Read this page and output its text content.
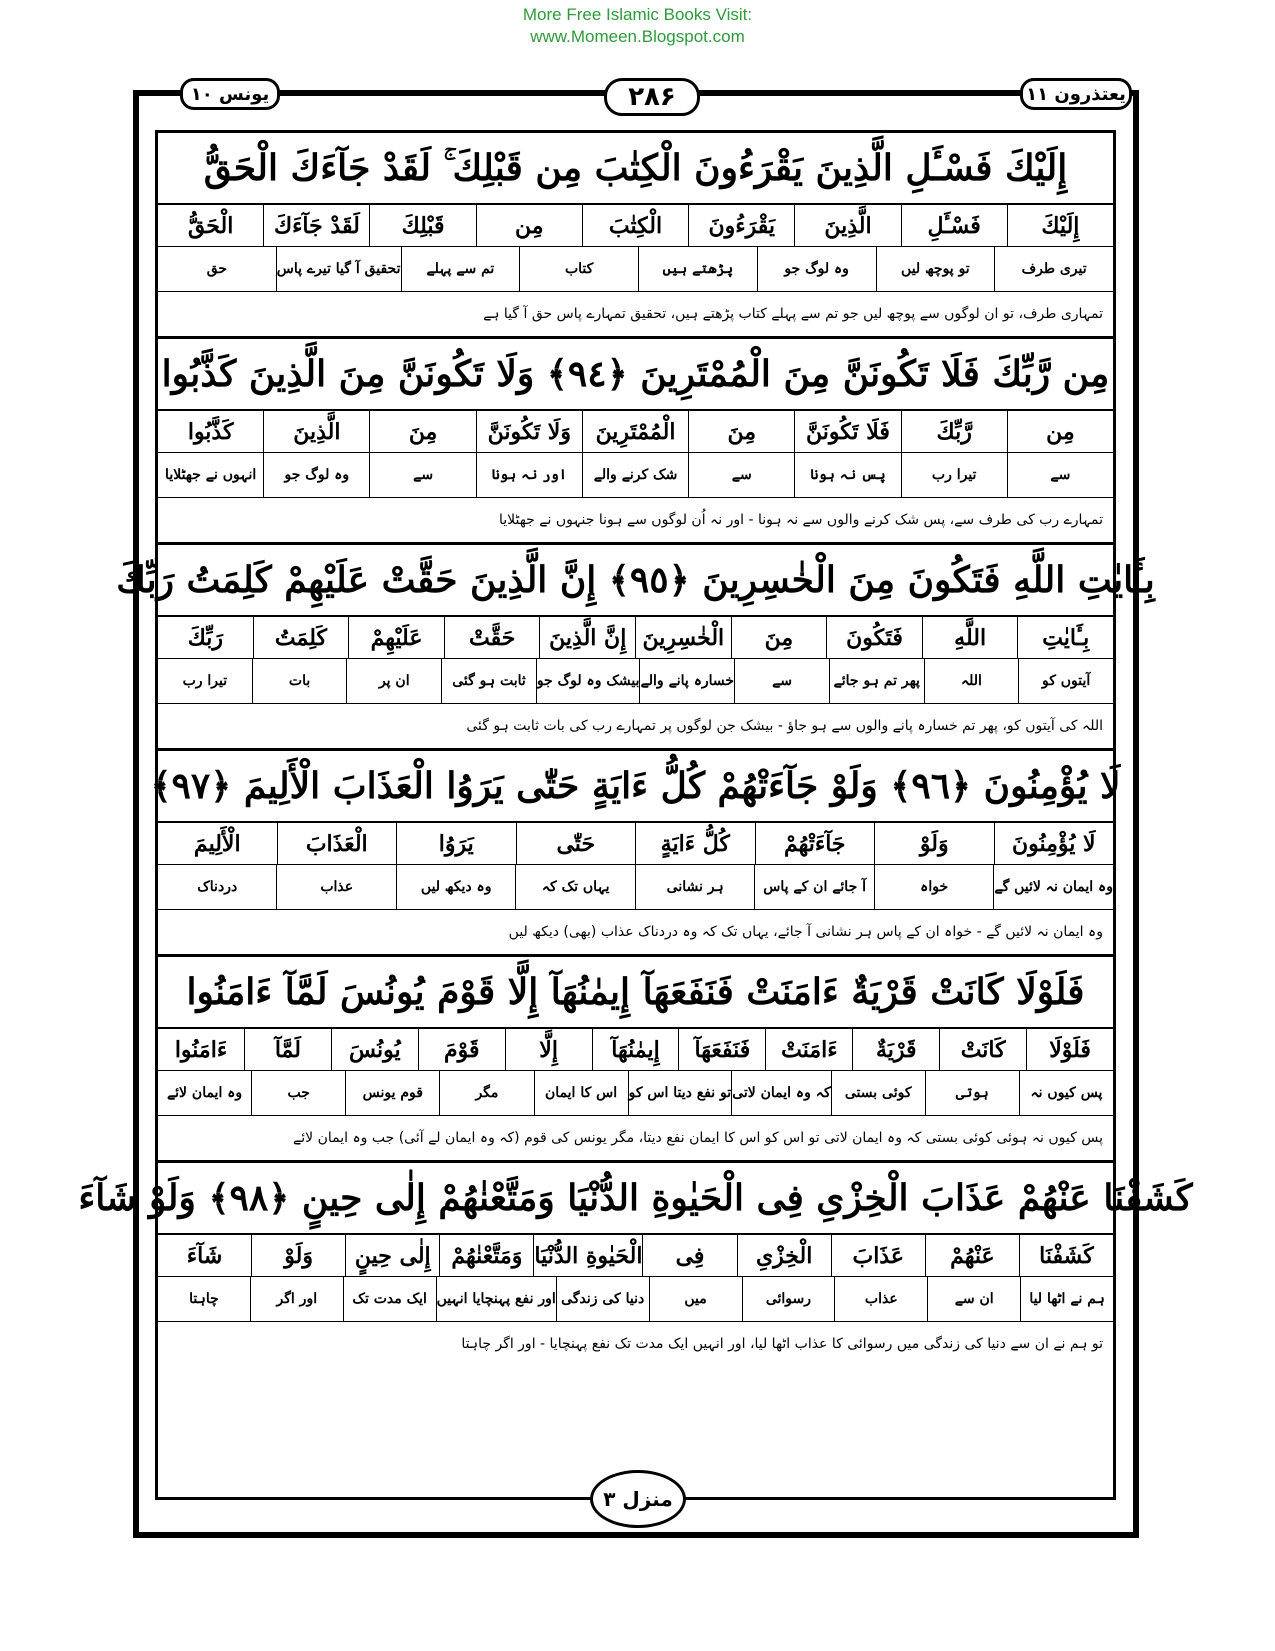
More Free Islamic Books Visit:
www.Momeen.Blogspot.com
یونس ۱۰	۲۸۶	یعتذرون ۱۱
إِلَيْكَ فَسْـَٔلِ الَّذِينَ يَقْرَءُونَ الْكِتٰبَ مِن قَبْلِكَ ۚ لَقَدْ جَآءَكَ الْحَقُّ
إِلَيْكَ
فَسْـَٔلِ
الَّذِينَ
يَقْرَءُونَ
الْكِتٰبَ
مِن
قَبْلِكَ
لَقَدْ جَآءَكَ
الْحَقُّ
تیری طرف
تو پوچھ لیں
وہ لوگ جو
پڑھتے ہیں
کتاب
تم سے پہلے
تحقیق آ گیا تیرے پاس
حق
تمہاری طرف، تو ان لوگوں سے پوچھ لیں جو تم سے پہلے کتاب پڑھتے ہیں، تحقیق تمہارے پاس حق آ گیا ہے
مِن رَّبِّكَ فَلَا تَكُونَنَّ مِنَ الْمُمْتَرِينَ ﴿٩٤﴾ وَلَا تَكُونَنَّ مِنَ الَّذِينَ كَذَّبُوا
مِن
رَّبِّكَ
فَلَا تَكُونَنَّ
مِنَ
الْمُمْتَرِينَ
وَلَا تَكُونَنَّ
مِنَ
الَّذِينَ
كَذَّبُوا
سے
تیرا رب
پس نہ ہونا
سے
شک کرنے والے
اور نہ ہونا
سے
وہ لوگ جو
انہوں نے جھٹلایا
تمہارے رب کی طرف سے، پس شک کرنے والوں سے نہ ہونا - اور نہ اُن لوگوں سے ہونا جنہوں نے جھٹلایا
بِـَٔايٰتِ اللَّهِ فَتَكُونَ مِنَ الْخٰسِرِينَ ﴿٩٥﴾ إِنَّ الَّذِينَ حَقَّتْ عَلَيْهِمْ كَلِمَتُ رَبِّكَ
بِـَٔايٰتِ
اللَّهِ
فَتَكُونَ
مِنَ
الْخٰسِرِينَ
إِنَّ الَّذِينَ
حَقَّتْ
عَلَيْهِمْ
كَلِمَتُ
رَبِّكَ
آیتوں کو
اللہ
پھر تم ہو جائے
سے
خسارہ پانے والے
بیشک وہ لوگ جو
ثابت ہو گئی
ان پر
بات
تیرا رب
اللہ کی آیتوں کو، پھر تم خسارہ پانے والوں سے ہو جاؤ - بیشک جن لوگوں پر تمہارے رب کی بات ثابت ہو گئی
لَا يُؤْمِنُونَ ﴿٩٦﴾ وَلَوْ جَآءَتْهُمْ كُلُّ ءَايَةٍ حَتّٰى يَرَوُا الْعَذَابَ الْأَلِيمَ ﴿٩٧﴾
لَا يُؤْمِنُونَ
وَلَوْ
جَآءَتْهُمْ
كُلُّ ءَايَةٍ
حَتّٰى
يَرَوُا
الْعَذَابَ
الْأَلِيمَ
وہ ایمان نہ لائیں گے
خواہ
آ جائے ان کے پاس
ہر نشانی
یہاں تک کہ
وہ دیکھ لیں
عذاب
دردناک
وہ ایمان نہ لائیں گے - خواہ ان کے پاس ہر نشانی آ جائے، یہاں تک کہ وہ دردناک عذاب (بھی) دیکھ لیں
فَلَوْلَا كَانَتْ قَرْيَةٌ ءَامَنَتْ فَنَفَعَهَآ إِيمٰنُهَآ إِلَّا قَوْمَ يُونُسَ لَمَّآ ءَامَنُوا
فَلَوْلَا
كَانَتْ
قَرْيَةٌ
ءَامَنَتْ
فَنَفَعَهَآ
إِيمٰنُهَآ
إِلَّا
قَوْمَ
يُونُسَ
لَمَّآ
ءَامَنُوا
پس کیوں نہ
ہوتی
کوئی بستی
کہ وہ ایمان لاتی
تو نفع دیتا اس کو
اس کا ایمان
مگر
قوم یونس
جب
وہ ایمان لائے
پس کیوں نہ ہوئی کوئی بستی کہ وہ ایمان لاتی تو اس کو اس کا ایمان نفع دیتا، مگر یونس کی قوم (کہ وہ ایمان لے آئی) جب وہ ایمان لائے
كَشَفْنَا عَنْهُمْ عَذَابَ الْخِزْىِ فِى الْحَيٰوةِ الدُّنْيَا وَمَتَّعْنٰهُمْ إِلٰى حِينٍ ﴿٩٨﴾ وَلَوْ شَآءَ
كَشَفْنَا
عَنْهُمْ
عَذَابَ
الْخِزْىِ
فِى
الْحَيٰوةِ الدُّنْيَا
وَمَتَّعْنٰهُمْ
إِلٰى حِينٍ
وَلَوْ
شَآءَ
ہم نے اٹھا لیا
ان سے
عذاب
رسوائی
میں
دنیا کی زندگی
اور نفع پہنچایا انہیں
ایک مدت تک
اور اگر
چاہتا
تو ہم نے ان سے دنیا کی زندگی میں رسوائی کا عذاب اٹھا لیا، اور انہیں ایک مدت تک نفع پہنچایا - اور اگر چاہتا
منزل ۳
